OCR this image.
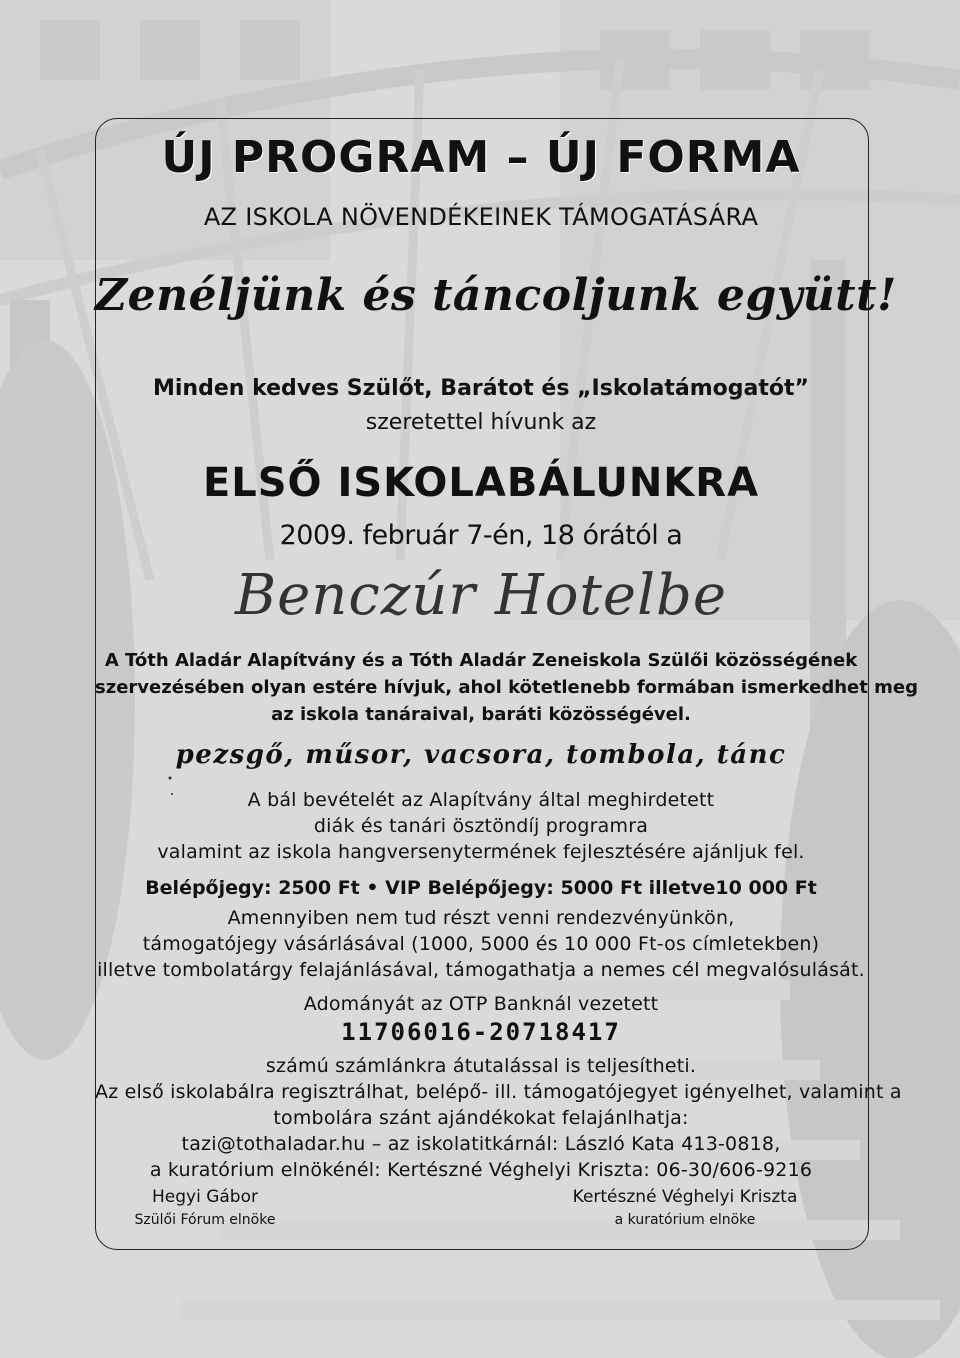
ÚJ PROGRAM – ÚJ FORMA

AZ ISKOLA NÖVENDÉKEINEK TÁMOGATÁSÁRA

Zenéljünk és táncoljunk együtt!

Minden kedves Szülőt, Barátot és „Iskolatámogatót”

szeretettel hívunk az

ELSŐ ISKOLABÁLUNKRA

2009. február 7-én, 18 órától a

Benczúr Hotelbe

A Tóth Aladár Alapítvány és a Tóth Aladár Zeneiskola Szülői közösségének

szervezésében olyan estére hívjuk, ahol kötetlenebb formában ismerkedhet meg

az iskola tanáraival, baráti közösségével.

pezsgő, műsor, vacsora, tombola, tánc

A bál bevételét az Alapítvány által meghirdetett

diák és tanári ösztöndíj programra

valamint az iskola hangversenytermének fejlesztésére ajánljuk fel.

Belépőjegy: 2500 Ft • VIP Belépőjegy: 5000 Ft illetve10 000 Ft

Amennyiben nem tud részt venni rendezvényünkön,

támogatójegy vásárlásával (1000, 5000 és 10 000 Ft-os címletekben)

illetve tombolatárgy felajánlásával, támogathatja a nemes cél megvalósulását.

Adományát az OTP Banknál vezetett

11706016-20718417

számú számlánkra átutalással is teljesítheti.

Az első iskolabálra regisztrálhat, belépő- ill. támogatójegyet igényelhet, valamint a

tombolára szánt ajándékokat felajánlhatja:

tazi@tothaladar.hu – az iskolatitkárnál: László Kata 413-0818,

a kuratórium elnökénél: Kertészné Véghelyi Kriszta: 06-30/606-9216

Hegyi Gábor

Szülői Fórum elnöke

Kertészné Véghelyi Kriszta

a kuratórium elnöke
